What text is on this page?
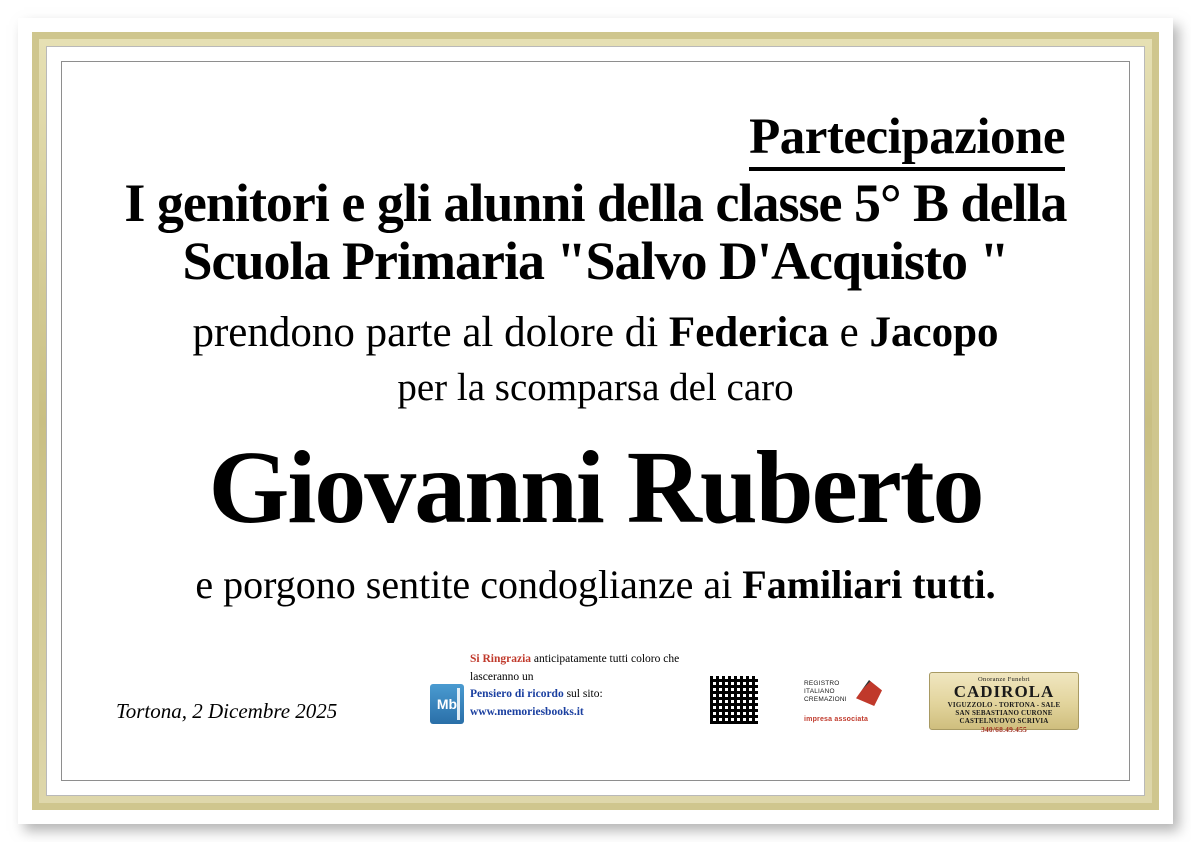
Partecipazione
I genitori e gli alunni della classe 5° B della
Scuola Primaria "Salvo D'Acquisto "
prendono parte al dolore di Federica e Jacopo
per la scomparsa del caro
Giovanni Ruberto
e porgono sentite condoglianze ai Familiari tutti.
Tortona, 2 Dicembre 2025	Mb
Si Ringrazia anticipatamente tutti coloro che lasceranno un
Pensiero di ricordo sul sito: www.memoriesbooks.it
REGISTRO
ITALIANO
CREMAZIONI
impresa associata
Onoranze Funebri
CADIROLA
VIGUZZOLO - TORTONA - SALE
SAN SEBASTIANO CURONE
CASTELNUOVO SCRIVIA
340/68.49.455
